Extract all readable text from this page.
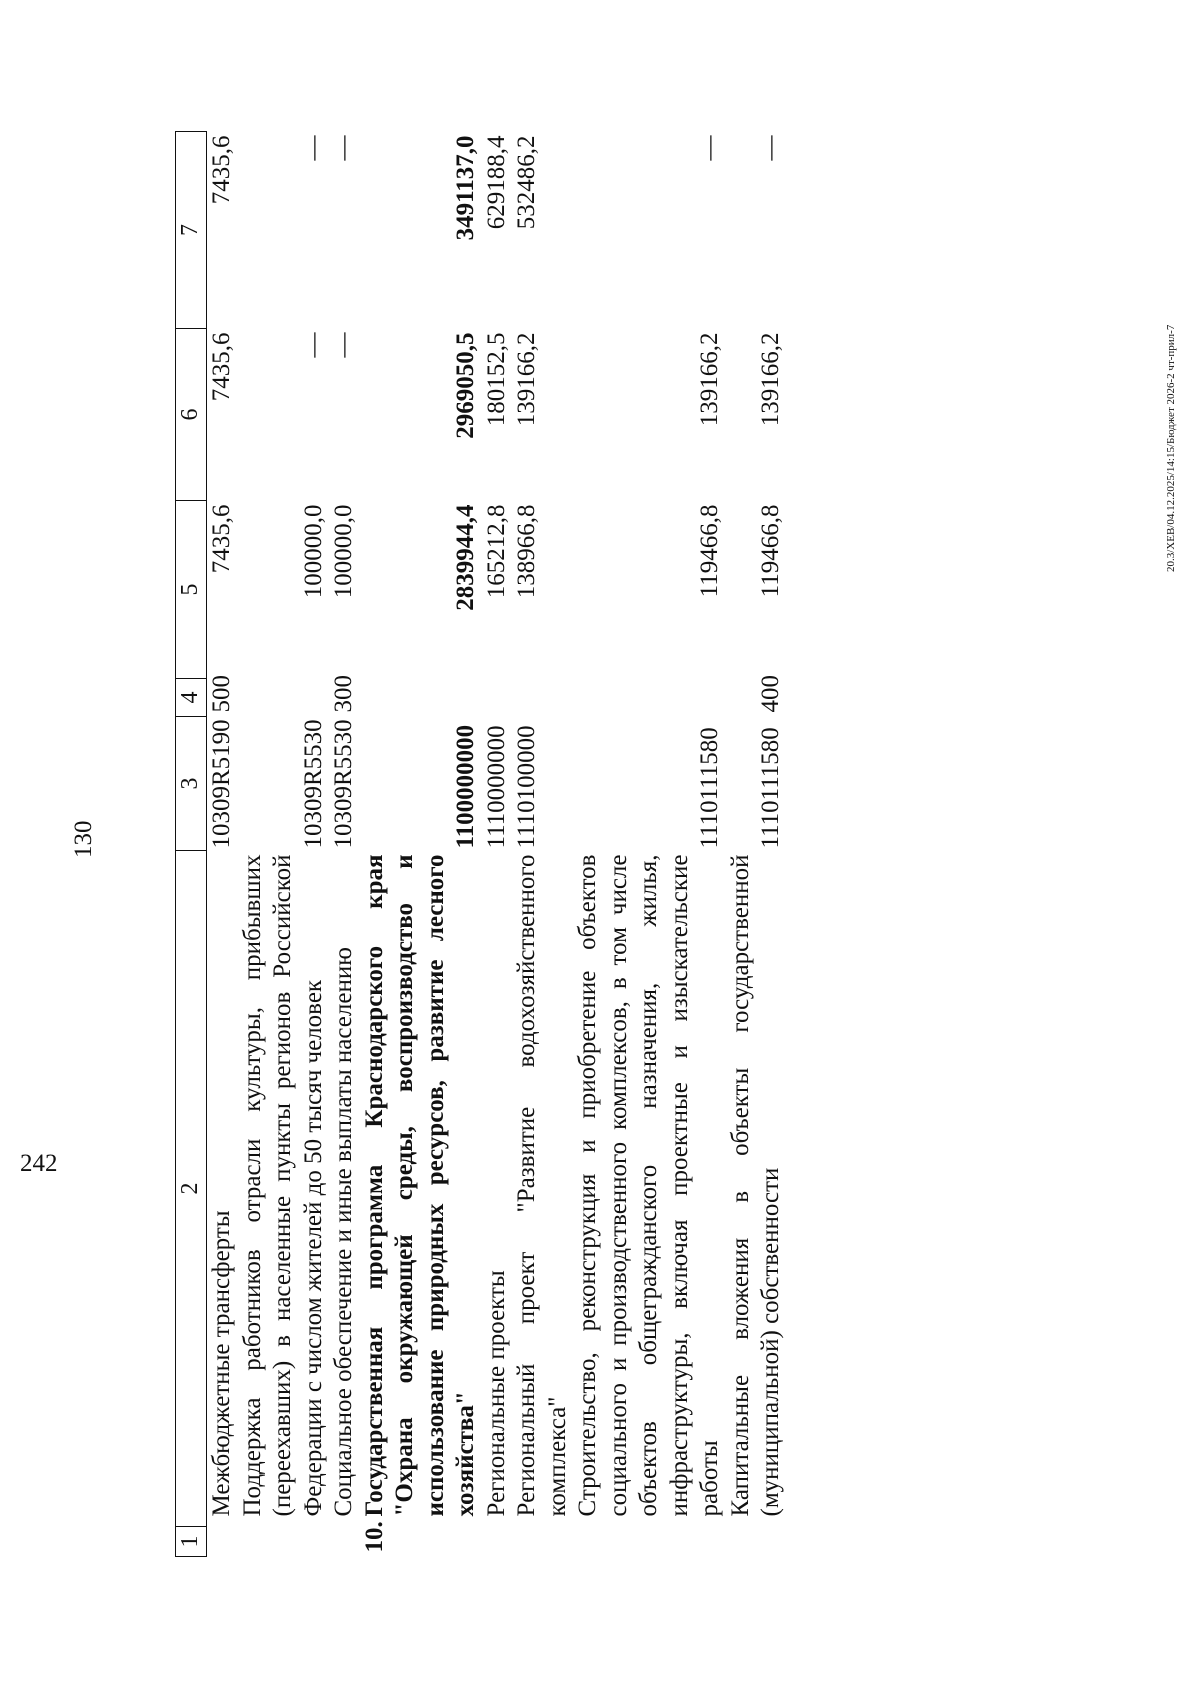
130
1	2	3	4	5	6	7
	Межбюджетные трансферты	10309R5190	500	7435,6	7435,6	7435,6
	Поддержка работников отрасли культуры, прибывших (переехавших) в населенные пункты регионов Российской Федерации с числом жителей до 50 тысяч человек	10309R5530		100000,0	—	—
	Социальное обеспечение и иные выплаты населению	10309R5530	300	100000,0	—	—
10.	Государственная программа Краснодарского края "Охрана окружающей среды, воспроизводство и использование природных ресурсов, развитие лесного хозяйства"	1100000000		2839944,4	2969050,5	3491137,0
	Региональные проекты	1110000000		165212,8	180152,5	629188,4
	Региональный проект "Развитие водохозяйственного комплекса"	1110100000		138966,8	139166,2	532486,2
	Строительство, реконструкция и приобретение объектов социального и производственного комплексов, в том числе объектов общегражданского назначения, жилья, инфраструктуры, включая проектные и изыскательские работы	1110111580		119466,8	139166,2	—
	Капитальные вложения в объекты государственной (муниципальной) собственности	1110111580	400	119466,8	139166,2	—
20.3/XEB/04.12.2025/14:15/Бюджет 2026-2 чт-прил-7
242
